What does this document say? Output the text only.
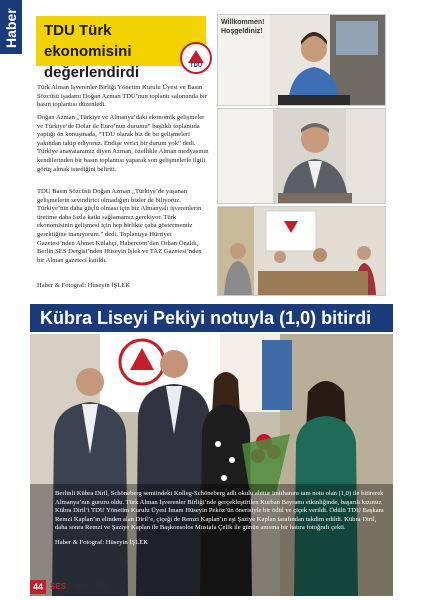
Haber TDU Türk ekonomisini değerlendirdi	TDU

Türk Alman İşverenler Birliği Yönetim Kurulu Üyesi ve Basın Sözcüsü işadamı Doğan Azman TDU’nun toplantı salonunda bir basın toplantısı düzenledi.

Doğan Azman „Türkiye ve Almanya’daki ekonomik gelişmeler ve Türkiye’de Dolar ile Euro’nun durumu” başlıklı toplantıda yaptığı ön konuşmada, “TDU olarak biz de bu gelişmeleri yakından takip ediyoruz. Endişe verici bir durum yok” dedi. Türkiye anavatanımız diyen Azman, özellikle Alman medyasının kendilerinden bir basın toplantısı yaparak son gelişmelerle ilgili görüş almak istediğini belirtti.

TDU Basın Sözcüsü Doğan Azman „Türkiye’de yaşanan gelişmelerin sevindirici olmadığını bizler de biliyoruz. Türkiye’nin daha güçlü olması için biz Almanyalı işverenlerin üretime daha fazla katkı sağlamamız gerekiyor. Türk ekonomisinin gelişmesi için hep birlikte çaba göstermemiz gerektiğine inanıyorum.” dedi. Toplantıya Hürriyet Gazetesi’nden Ahmet Külahçı, Habercom’dan Orhan Önaldı, Berlin SES Dergisi’nden Hüseyin İşlek ve TAZ Gazetesi’nden bir Alman gazeteci katıldı.

Haber & Fotograf: Hüseyin İŞLEK

Willkommen! Hoşgeldiniz!
Kübra Liseyi Pekiyi notuyla (1,0) bitirdi

Berlinli Kübra Diril, Schöneberg semtindeki Kolleg-Schöneberg adlı okulu abitur imtihanını tam notu olan (1,0) ile bitirerek Almanya’nın gururu oldu. Türk Alman İşverenler Birliği’nde gerçekleştirilen Kurban Bayramı etkinliğinde, başarılı kızımız Kübra Diril’i TDU Yönetim Kurulu Üyesi İmam Hüseyin Peköz’ün önerisiyle bir ödül ve çiçek verildi. Ödülü TDU Başkanı Remzi Kaplan’ın elinden alan Diril’e, çiçeği de Remzi Kaplan’ın eşi Şaziye Kaplan tarafından takdim edildi. Kübra Diril, daha sonra Remzi ve Şaziye Kaplan ile Başkonsolos Mustafa Çelik ile günün anısına bir hatıra fotoğrafı çekti.

Haber & Fotograf: Hüseyin İŞLEK

44 SES Jahr • Yıl 15
